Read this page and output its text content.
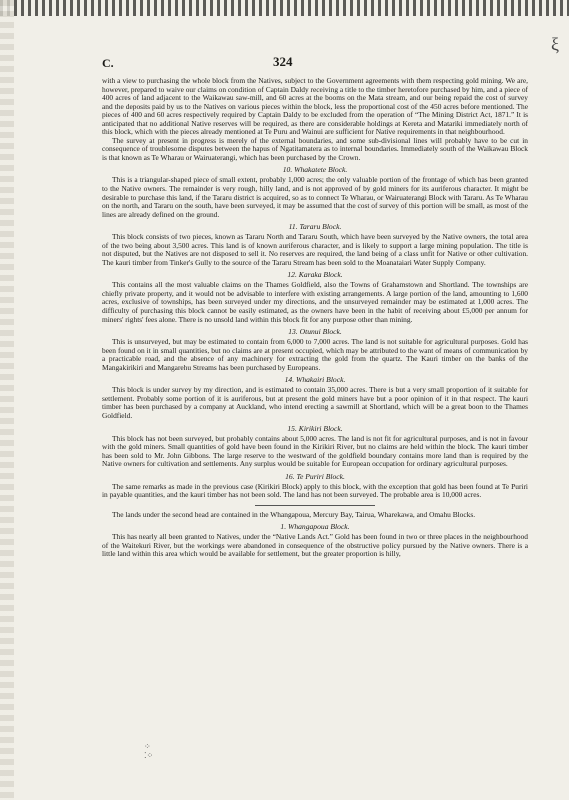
ξ
C.	324

with a view to purchasing the whole block from the Natives, subject to the Government agreements with them respecting gold mining. We are, however, prepared to waive our claims on condition of Captain Daldy receiving a title to the timber heretofore purchased by him, and a piece of 400 acres of land adjacent to the Waikawau saw-mill, and 60 acres at the booms on the Mata stream, and our being repaid the cost of survey and the deposits paid by us to the Natives on various pieces within the block, less the proportional cost of the 450 acres before mentioned. The pieces of 400 and 60 acres respectively required by Captain Daldy to be excluded from the operation of “The Mining District Act, 1871.” It is anticipated that no additional Native reserves will be required, as there are considerable holdings at Kereta and Matariki immediately north of this block, which with the pieces already mentioned at Te Puru and Wainui are sufficient for Native requirements in that neighbourhood.

The survey at present in progress is merely of the external boundaries, and some sub-divisional lines will probably have to be cut in consequence of troublesome disputes between the hapus of Ngatitamatera as to internal boundaries. Immediately south of the Waikawau Block is that known as Te Wharau or Wairuaterangi, which has been purchased by the Crown.

10. Whakatete Block.

This is a triangular-shaped piece of small extent, probably 1,000 acres; the only valuable portion of the frontage of which has been granted to the Native owners. The remainder is very rough, hilly land, and is not approved of by gold miners for its auriferous character. It might be desirable to purchase this land, if the Tararu district is acquired, so as to connect Te Wharau, or Wairuaterangi Block with Tararu. As Te Wharau on the north, and Tararu on the south, have been surveyed, it may be assumed that the cost of survey of this portion will be small, as most of the lines are already defined on the ground.

11. Tararu Block.

This block consists of two pieces, known as Tararu North and Tararu South, which have been surveyed by the Native owners, the total area of the two being about 3,500 acres. This land is of known auriferous character, and is likely to support a large mining population. The title is not disputed, but the Natives are not disposed to sell it. No reserves are required, the land being of a class unfit for Native or other cultivation. The kauri timber from Tinker's Gully to the source of the Tararu Stream has been sold to the Moanataiari Water Supply Company.

12. Karaka Block.

This contains all the most valuable claims on the Thames Goldfield, also the Towns of Grahamstown and Shortland. The townships are chiefly private property, and it would not be advisable to interfere with existing arrangements. A large portion of the land, amounting to 1,600 acres, exclusive of townships, has been surveyed under my directions, and the unsurveyed remainder may be estimated at 1,000 acres. The difficulty of purchasing this block cannot be easily estimated, as the owners have been in the habit of receiving about £5,000 per annum for miners' rights' fees alone. There is no unsold land within this block fit for any purpose other than mining.

13. Otunui Block.

This is unsurveyed, but may be estimated to contain from 6,000 to 7,000 acres. The land is not suitable for agricultural purposes. Gold has been found on it in small quantities, but no claims are at present occupied, which may be attributed to the want of means of communication by a practicable road, and the absence of any machinery for extracting the gold from the quartz. The Kauri timber on the banks of the Mangakirikiri and Mangarehu Streams has been purchased by Europeans.

14. Whakairi Block.

This block is under survey by my direction, and is estimated to contain 35,000 acres. There is but a very small proportion of it suitable for settlement. Probably some portion of it is auriferous, but at present the gold miners have but a poor opinion of it in that respect. The kauri timber has been purchased by a company at Auckland, who intend erecting a sawmill at Shortland, which will be a great boon to the Thames Goldfield.

15. Kirikiri Block.

This block has not been surveyed, but probably contains about 5,000 acres. The land is not fit for agricultural purposes, and is not in favour with the gold miners. Small quantities of gold have been found in the Kirikiri River, but no claims are held within the block. The kauri timber has been sold to Mr. John Gibbons. The large reserve to the westward of the goldfield boundary contains more land than is required by the Native owners for cultivation and settlements. Any surplus would be suitable for European occupation for ordinary agricultural purposes.

16. Te Puriri Block.

The same remarks as made in the previous case (Kirikiri Block) apply to this block, with the exception that gold has been found at Te Puriri in payable quantities, and the kauri timber has not been sold. The land has not been surveyed. The probable area is 10,000 acres.

The lands under the second head are contained in the Whangapoua, Mercury Bay, Tairua, Wharekawa, and Omahu Blocks.

1. Whangapoua Block.

This has nearly all been granted to Natives, under the “Native Lands Act.” Gold has been found in two or three places in the neighbourhood of the Waitekuri River, but the workings were abandoned in consequence of the obstructive policy pursued by the Native owners. There is a little land within this area which would be available for settlement, but the greater proportion is hilly,

⁘
⁚⁘
